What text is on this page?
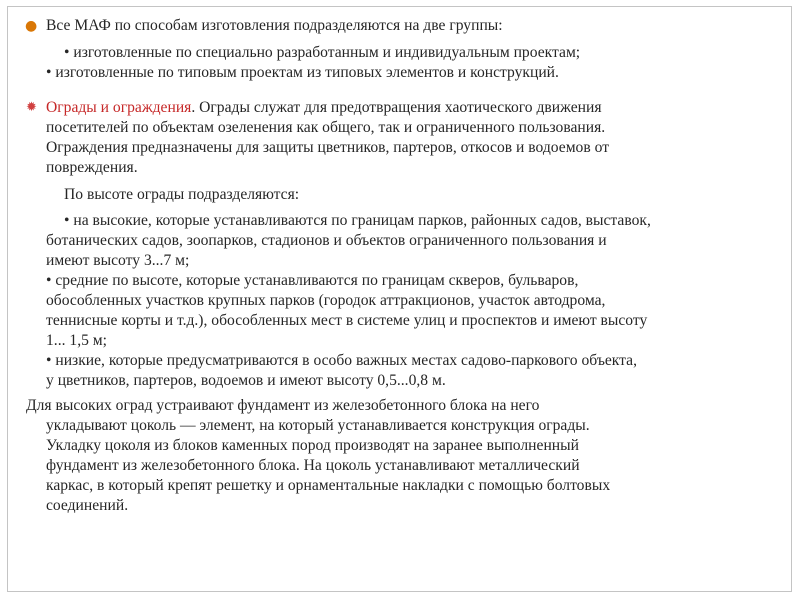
● Все МАФ по способам изготовления подразделяются на две группы:

• изготовленные по специально разработанным и индивидуальным проектам;

• изготовленные по типовым проектам из типовых элементов и конструкций.

✹ Ограды и ограждения. Ограды служат для предотвращения хаотического движения

посетителей по объектам озеленения как общего, так и ограниченного пользования.

Ограждения предназначены для защиты цветников, партеров, откосов и водоемов от

повреждения.

По высоте ограды подразделяются:

• на высокие, которые устанавливаются по границам парков, районных садов, выставок,

ботанических садов, зоопарков, стадионов и объектов ограниченного пользования и

имеют высоту 3...7 м;

• средние по высоте, которые устанавливаются по границам скверов, бульваров,

обособленных участков крупных парков (городок аттракционов, участок автодрома,

теннисные корты и т.д.), обособленных мест в системе улиц и проспектов и имеют высоту

1... 1,5 м;

• низкие, которые предусматриваются в особо важных местах садово-паркового объекта,

у цветников, партеров, водоемов и имеют высоту 0,5...0,8 м.

Для высоких оград устраивают фундамент из железобетонного блока на него

укладывают цоколь — элемент, на который устанавливается конструкция ограды.

Укладку цоколя из блоков каменных пород производят на заранее выполненный

фундамент из железобетонного блока. На цоколь устанавливают металлический

каркас, в который крепят решетку и орнаментальные накладки с помощью болтовых

соединений.
